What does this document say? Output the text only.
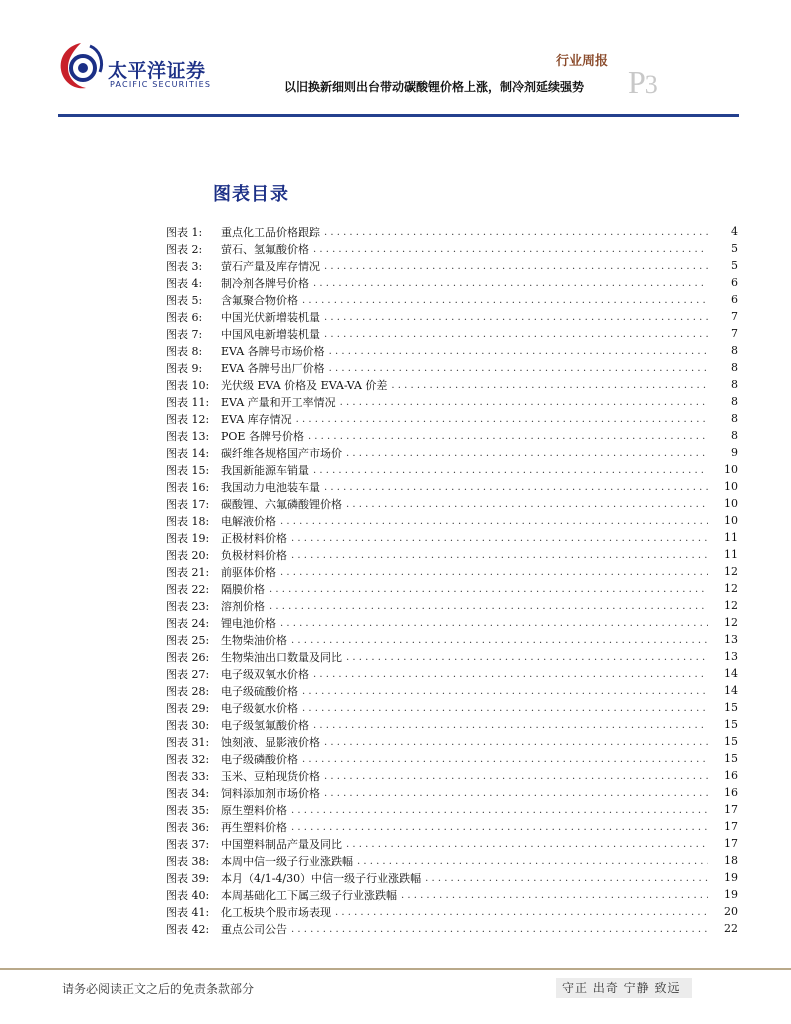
太平洋证券
PACIFIC SECURITIES
行业周报
以旧换新细则出台带动碳酸锂价格上涨，制冷剂延续强势 P3
图表目录
图表 1:	重点化工品价格跟踪 . . .	4
图表 2:	萤石、氢氟酸价格 . . .	5
图表 3:	萤石产量及库存情况 . . .	5
图表 4:	制冷剂各牌号价格 . . .	6
图表 5:	含氟聚合物价格 . . .	6
图表 6:	中国光伏新增装机量 . . .	7
图表 7:	中国风电新增装机量 . . .	7
图表 8:	EVA 各牌号市场价格 . . .	8
图表 9:	EVA 各牌号出厂价格 . . .	8
图表 10:	光伏级 EVA 价格及 EVA-VA 价差 . . .	8
图表 11:	EVA 产量和开工率情况 . . .	8
图表 12:	EVA 库存情况 . . .	8
图表 13:	POE 各牌号价格 . . .	8
图表 14:	碳纤维各规格国产市场价 . . .	9
图表 15:	我国新能源车销量 . . .	10
图表 16:	我国动力电池装车量 . . .	10
图表 17:	碳酸锂、六氟磷酸锂价格 . . .	10
图表 18:	电解液价格 . . .	10
图表 19:	正极材料价格 . . .	11
图表 20:	负极材料价格 . . .	11
图表 21:	前驱体价格 . . .	12
图表 22:	隔膜价格 . . .	12
图表 23:	溶剂价格 . . .	12
图表 24:	锂电池价格 . . .	12
图表 25:	生物柴油价格 . . .	13
图表 26:	生物柴油出口数量及同比 . . .	13
图表 27:	电子级双氧水价格 . . .	14
图表 28:	电子级硫酸价格 . . .	14
图表 29:	电子级氨水价格 . . .	15
图表 30:	电子级氢氟酸价格 . . .	15
图表 31:	蚀刻液、显影液价格 . . .	15
图表 32:	电子级磷酸价格 . . .	15
图表 33:	玉米、豆粕现货价格 . . .	16
图表 34:	饲料添加剂市场价格 . . .	16
图表 35:	原生塑料价格 . . .	17
图表 36:	再生塑料价格 . . .	17
图表 37:	中国塑料制品产量及同比 . . .	17
图表 38:	本周中信一级子行业涨跌幅 . . .	18
图表 39:	本月（4/1-4/30）中信一级子行业涨跌幅 . . .	19
图表 40:	本周基础化工下属三级子行业涨跌幅 . . .	19
图表 41:	化工板块个股市场表现 . . .	20
图表 42:	重点公司公告 . . .	22
请务必阅读正文之后的免责条款部分	守正 出奇 宁静 致远
